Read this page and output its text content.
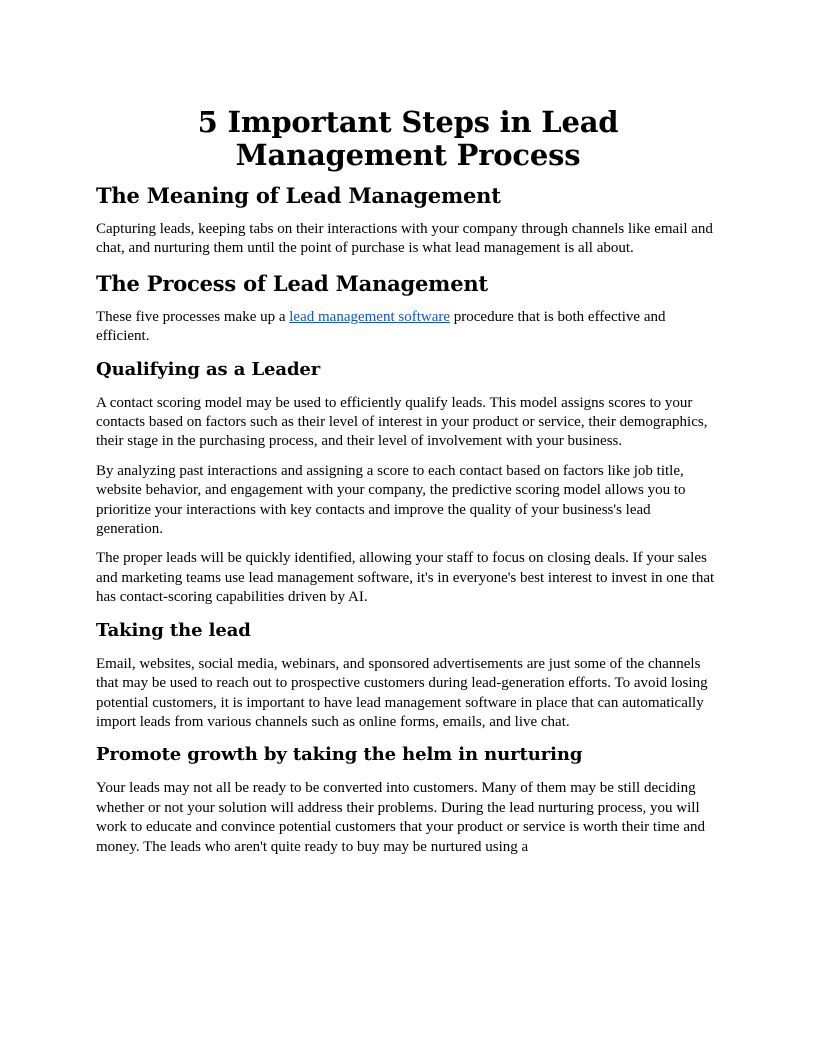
5 Important Steps in Lead Management Process
The Meaning of Lead Management

Capturing leads, keeping tabs on their interactions with your company through channels like email and chat, and nurturing them until the point of purchase is what lead management is all about.

The Process of Lead Management

These five processes make up a lead management software procedure that is both effective and efficient.

Qualifying as a Leader

A contact scoring model may be used to efficiently qualify leads. This model assigns scores to your contacts based on factors such as their level of interest in your product or service, their demographics, their stage in the purchasing process, and their level of involvement with your business.

By analyzing past interactions and assigning a score to each contact based on factors like job title, website behavior, and engagement with your company, the predictive scoring model allows you to prioritize your interactions with key contacts and improve the quality of your business's lead generation.

The proper leads will be quickly identified, allowing your staff to focus on closing deals. If your sales and marketing teams use lead management software, it's in everyone's best interest to invest in one that has contact-scoring capabilities driven by AI.

Taking the lead

Email, websites, social media, webinars, and sponsored advertisements are just some of the channels that may be used to reach out to prospective customers during lead-generation efforts. To avoid losing potential customers, it is important to have lead management software in place that can automatically import leads from various channels such as online forms, emails, and live chat.

Promote growth by taking the helm in nurturing

Your leads may not all be ready to be converted into customers. Many of them may be still deciding whether or not your solution will address their problems. During the lead nurturing process, you will work to educate and convince potential customers that your product or service is worth their time and money. The leads who aren't quite ready to buy may be nurtured using a
